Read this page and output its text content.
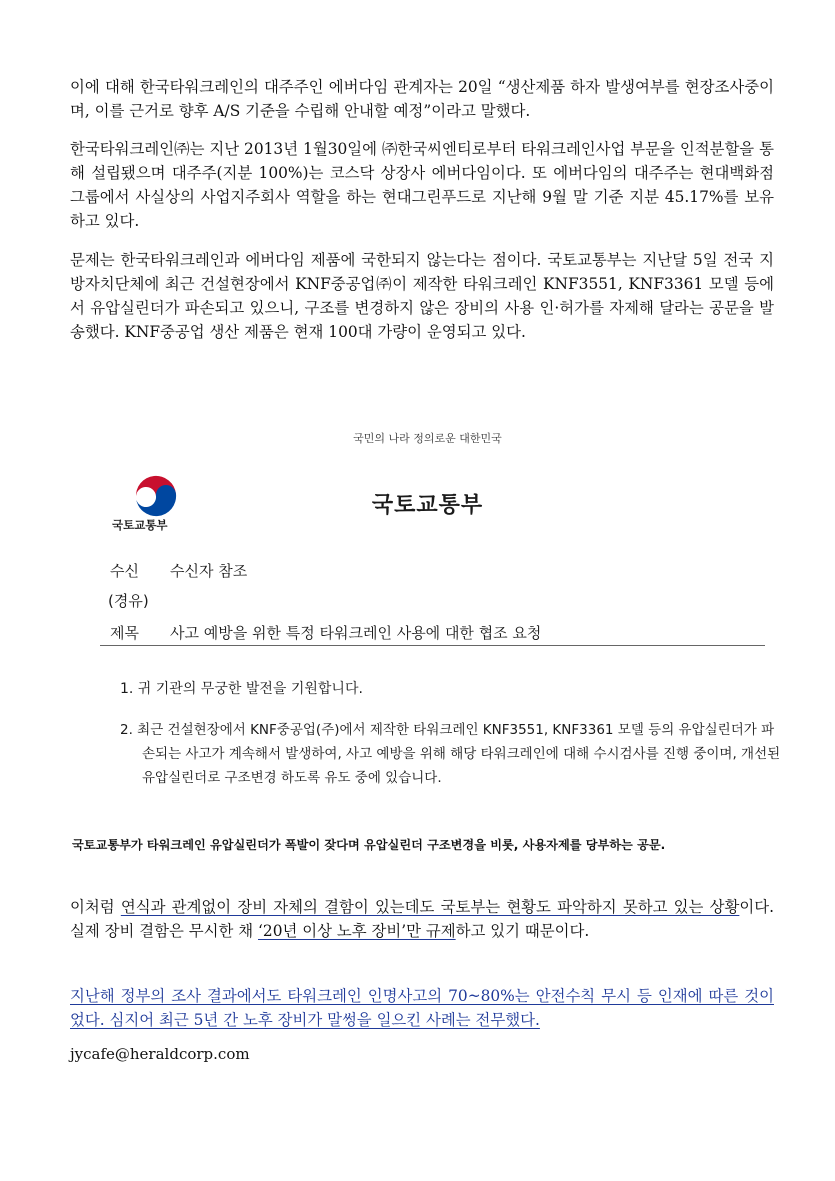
이에 대해 한국타워크레인의 대주주인 에버다임 관계자는 20일 “생산제품 하자 발생여부를 현장조사중이며, 이를 근거로 향후 A/S 기준을 수립해 안내할 예정”이라고 말했다.

한국타워크레인㈜는 지난 2013년 1월30일에 ㈜한국씨엔티로부터 타워크레인사업 부문을 인적분할을 통해 설립됐으며 대주주(지분 100%)는 코스닥 상장사 에버다임이다. 또 에버다임의 대주주는 현대백화점그룹에서 사실상의 사업지주회사 역할을 하는 현대그린푸드로 지난해 9월 말 기준 지분 45.17%를 보유하고 있다.

문제는 한국타워크레인과 에버다임 제품에 국한되지 않는다는 점이다. 국토교통부는 지난달 5일 전국 지방자치단체에 최근 건설현장에서 KNF중공업㈜이 제작한 타워크레인 KNF3551, KNF3361 모델 등에서 유압실린더가 파손되고 있으니, 구조를 변경하지 않은 장비의 사용 인·허가를 자제해 달라는 공문을 발송했다. KNF중공업 생산 제품은 현재 100대 가량이 운영되고 있다.

국민의 나라 정의로운 대한민국
국토교통부
국토교통부
수신 수신자 참조
(경유)
제목 사고 예방을 위한 특정 타워크레인 사용에 대한 협조 요청
1. 귀 기관의 무궁한 발전을 기원합니다.
2. 최근 건설현장에서 KNF중공업(주)에서 제작한 타워크레인 KNF3551, KNF3361 모델 등의 유압실린더가 파손되는 사고가 계속해서 발생하여, 사고 예방을 위해 해당 타워크레인에 대해 수시검사를 진행 중이며, 개선된 유압실린더로 구조변경 하도록 유도 중에 있습니다.
국토교통부가 타워크레인 유압실린더가 폭발이 잦다며 유압실린더 구조변경을 비롯, 사용자제를 당부하는 공문.

이처럼 연식과 관계없이 장비 자체의 결함이 있는데도 국토부는 현황도 파악하지 못하고 있는 상황이다. 실제 장비 결함은 무시한 채 ‘20년 이상 노후 장비’만 규제하고 있기 때문이다.

지난해 정부의 조사 결과에서도 타워크레인 인명사고의 70~80%는 안전수칙 무시 등 인재에 따른 것이었다. 심지어 최근 5년 간 노후 장비가 말썽을 일으킨 사례는 전무했다.

jycafe@heraldcorp.com
